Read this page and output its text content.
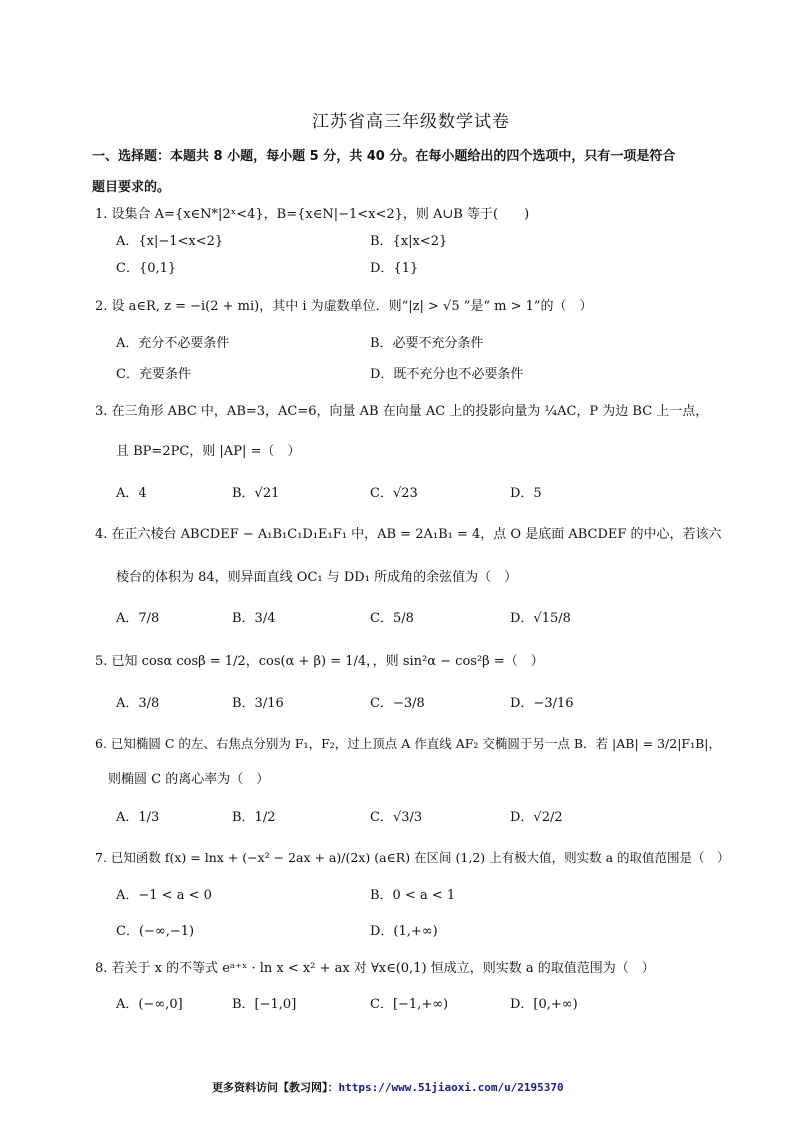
江苏省高三年级数学试卷
一、选择题：本题共 8 小题，每小题 5 分，共 40 分。在每小题给出的四个选项中，只有一项是符合
题目要求的。
1. 设集合 A={x∈N*|2ˣ<4}，B={x∈N|−1<x<2}，则 A∪B 等于(　　)
A．{x|−1<x<2}	B．{x|x<2}
C．{0,1}	D．{1}
2. 设 a∈R, z = −i(2 + mi)，其中 i 为虚数单位．则“|z| > √5 ”是“ m > 1”的（　）
A．充分不必要条件	B．必要不充分条件
C．充要条件	D．既不充分也不必要条件
3. 在三角形 ABC 中，AB=3，AC=6，向量 AB 在向量 AC 上的投影向量为 ¼AC，P 为边 BC 上一点，
且 BP=2PC，则 |AP| =（　）
A．4	B．√21	C．√23	D．5
4. 在正六棱台 ABCDEF − A₁B₁C₁D₁E₁F₁ 中，AB = 2A₁B₁ = 4，点 O 是底面 ABCDEF 的中心，若该六
棱台的体积为 84，则异面直线 OC₁ 与 DD₁ 所成角的余弦值为（　）
A．7/8	B．3/4	C．5/8	D．√15/8
5. 已知 cosα cosβ = 1/2，cos(α + β) = 1/4，，则 sin²α − cos²β =（　）
A．3/8	B．3/16	C．−3/8	D．−3/16
6. 已知椭圆 C 的左、右焦点分别为 F₁，F₂，过上顶点 A 作直线 AF₂ 交椭圆于另一点 B．若 |AB| = 3/2|F₁B|，
则椭圆 C 的离心率为（　）
A．1/3	B．1/2	C．√3/3	D．√2/2
7. 已知函数 f(x) = lnx + (−x² − 2ax + a)/(2x) (a∈R) 在区间 (1,2) 上有极大值，则实数 a 的取值范围是（　）
A．−1 < a < 0	B．0 < a < 1
C．(−∞,−1)	D．(1,+∞)
8. 若关于 x 的不等式 eᵃ⁺ˣ · ln x < x² + ax 对 ∀x∈(0,1) 恒成立，则实数 a 的取值范围为（　）
A．(−∞,0]	B．[−1,0]	C．[−1,+∞)	D．[0,+∞)
更多资料访问【教习网】：https://www.51jiaoxi.com/u/2195370
